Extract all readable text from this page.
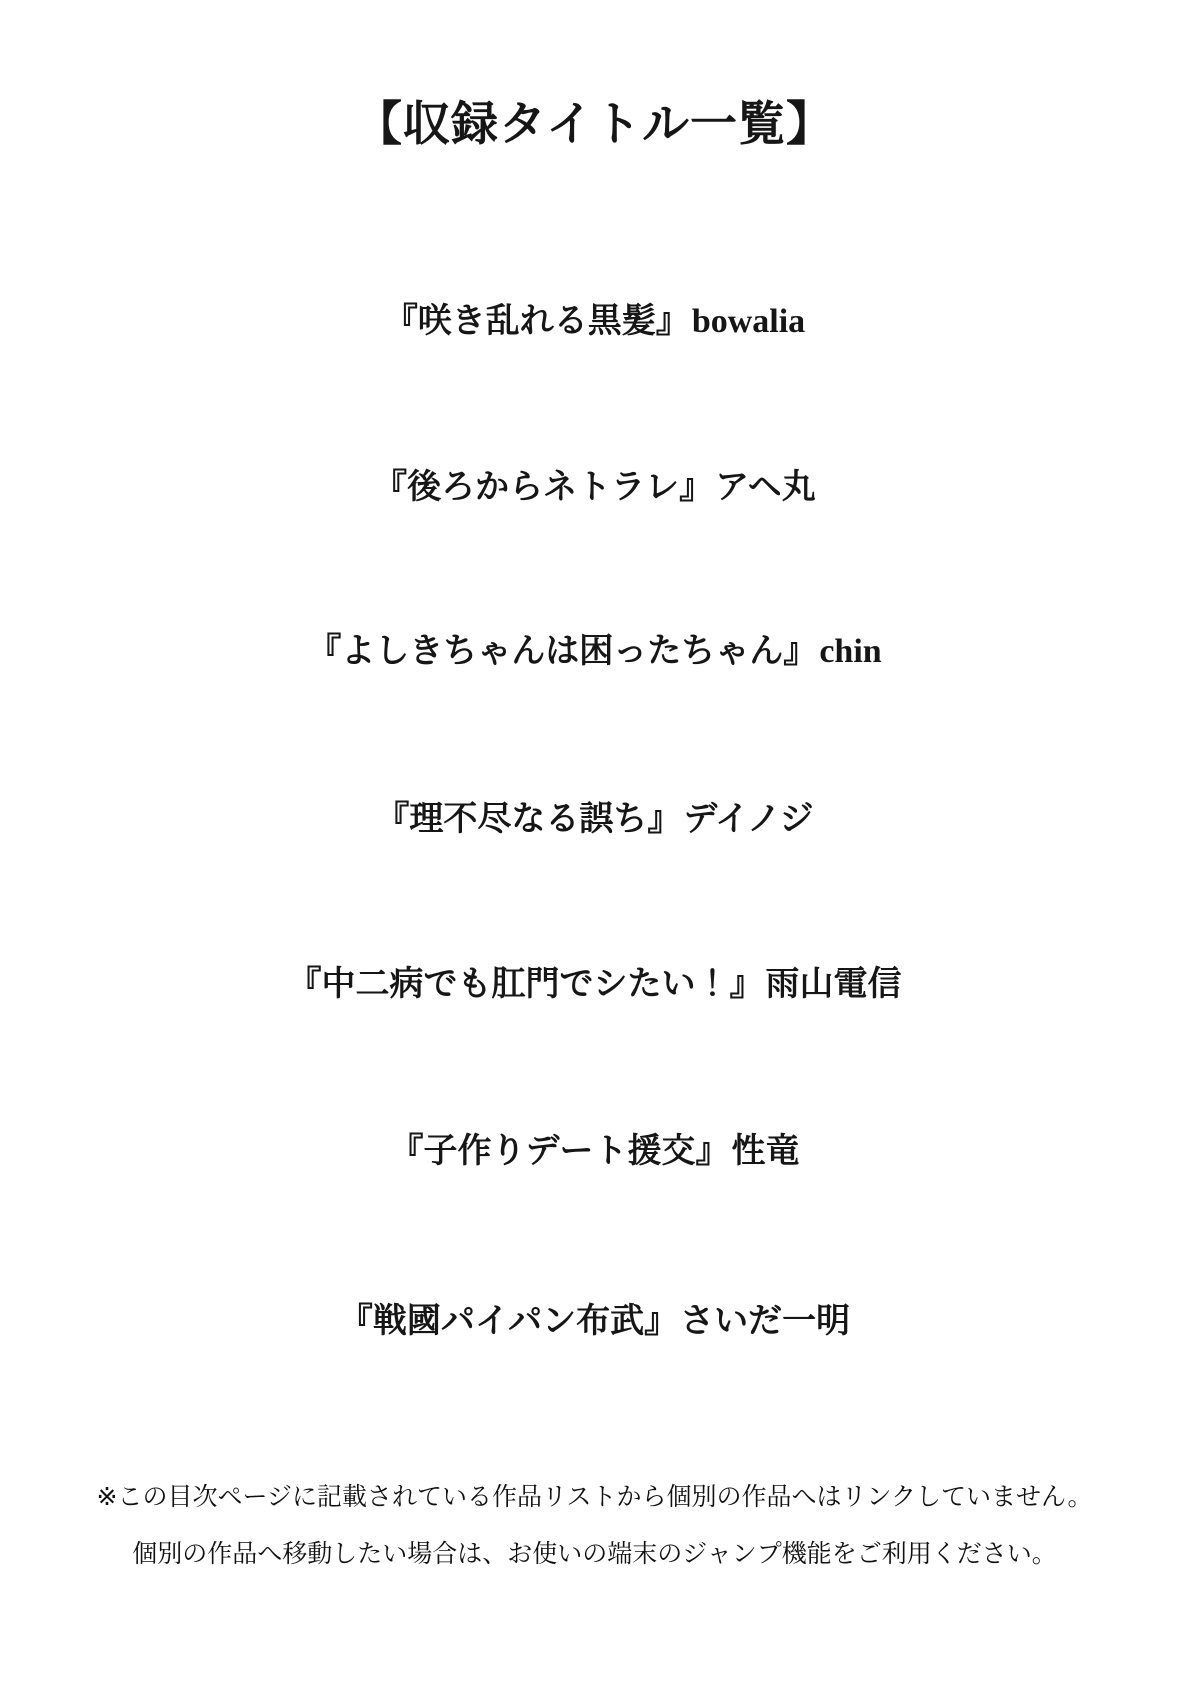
【収録タイトル一覧】
『咲き乱れる黒髪』bowalia
『後ろからネトラレ』アヘ丸
『よしきちゃんは困ったちゃん』chin
『理不尽なる誤ち』デイノジ
『中二病でも肛門でシたい！』雨山電信
『子作りデート援交』性竜
『戦國パイパン布武』さいだ一明
※この目次ページに記載されている作品リストから個別の作品へはリンクしていません。
個別の作品へ移動したい場合は、お使いの端末のジャンプ機能をご利用ください。
